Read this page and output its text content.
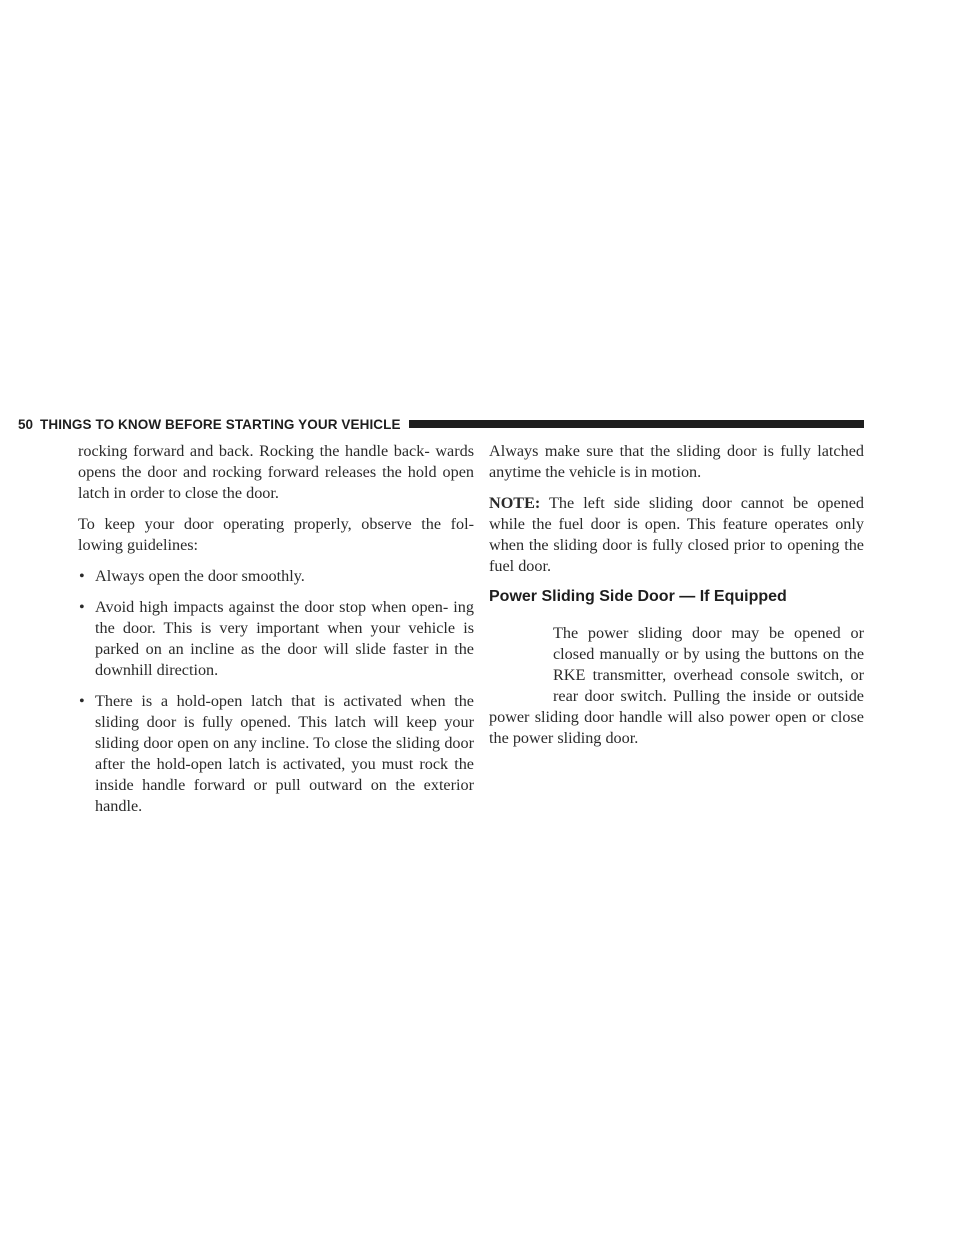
50 THINGS TO KNOW BEFORE STARTING YOUR VEHICLE

rocking forward and back. Rocking the handle back- wards opens the door and rocking forward releases the hold open latch in order to close the door.

To keep your door operating properly, observe the fol- lowing guidelines:

• Always open the door smoothly.
• Avoid high impacts against the door stop when open- ing the door. This is very important when your vehicle is parked on an incline as the door will slide faster in the downhill direction.
• There is a hold-open latch that is activated when the sliding door is fully opened. This latch will keep your sliding door open on any incline. To close the sliding door after the hold-open latch is activated, you must rock the inside handle forward or pull outward on the exterior handle.

Always make sure that the sliding door is fully latched anytime the vehicle is in motion.

NOTE: The left side sliding door cannot be opened while the fuel door is open. This feature operates only when the sliding door is fully closed prior to opening the fuel door.

Power Sliding Side Door — If Equipped

The power sliding door may be opened or closed manually or by using the buttons on the RKE transmitter, overhead console switch, or rear door switch. Pulling the inside or outside power sliding door handle will also power open or close the power sliding door.
